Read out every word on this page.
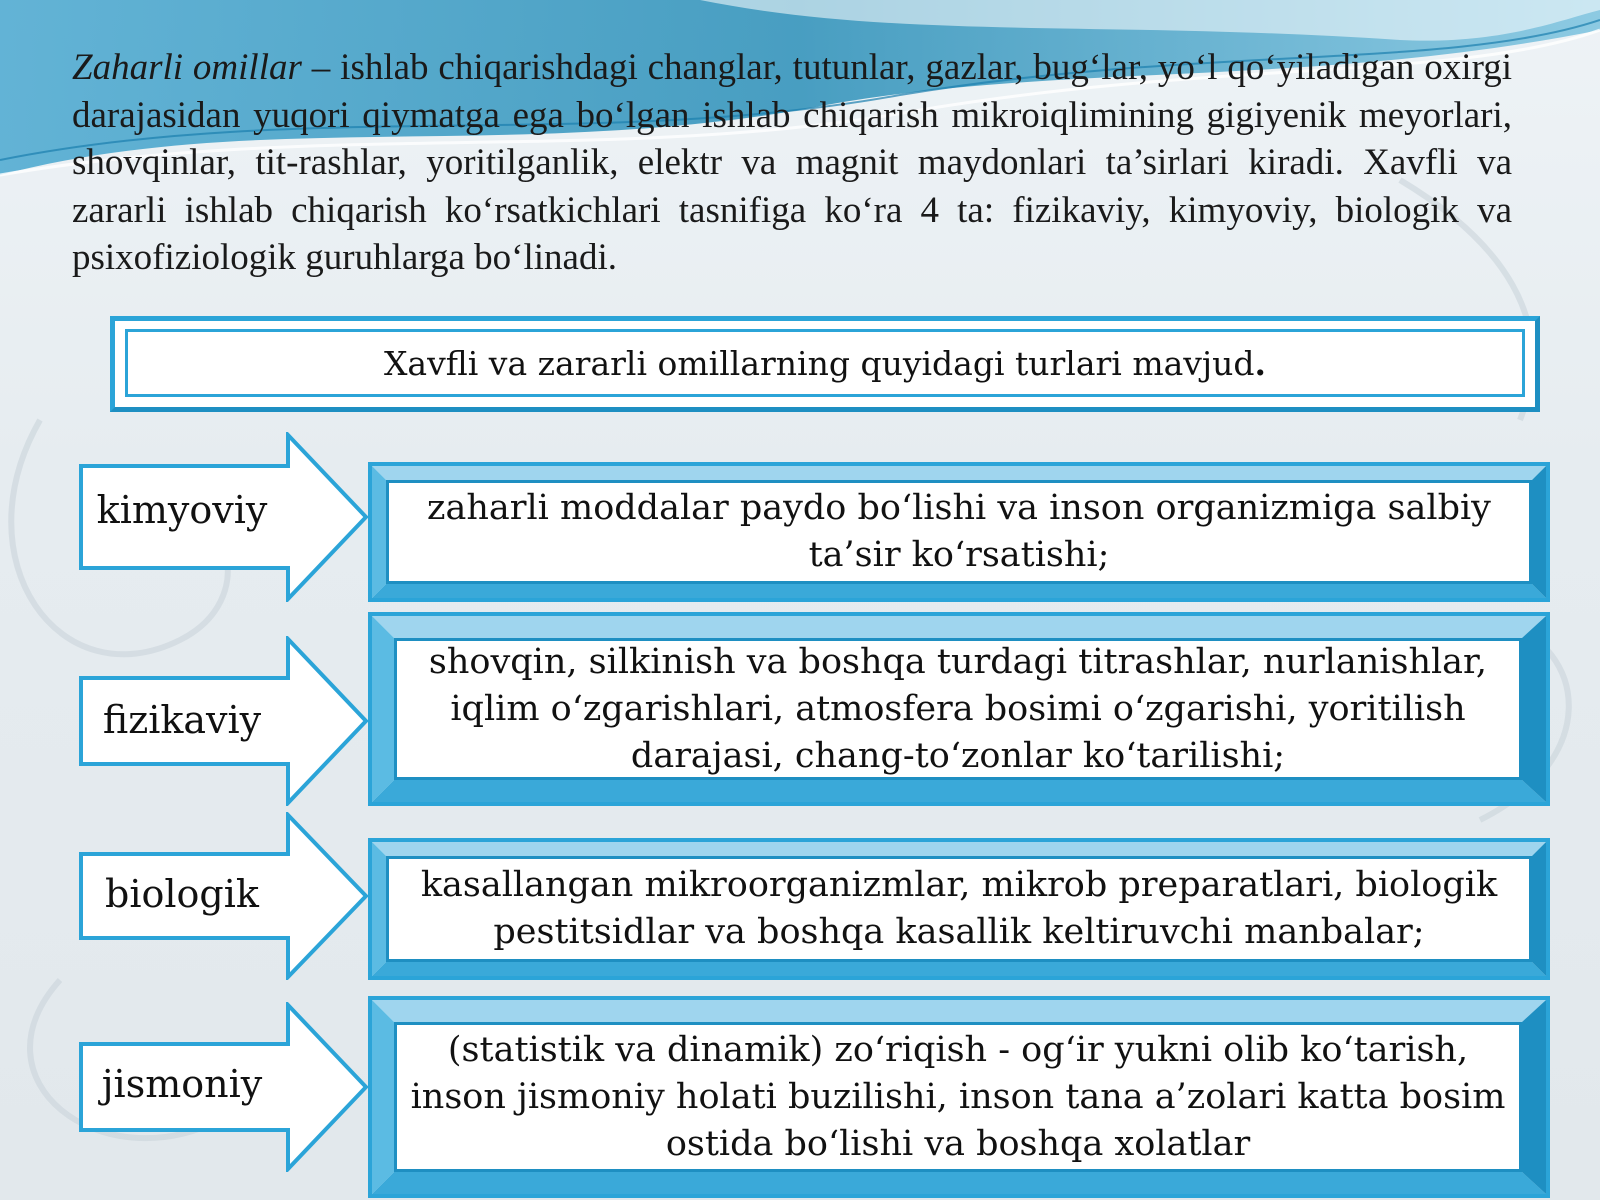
Zaharli omillar – ishlab chiqarishdagi changlar, tutunlar, gazlar, bug‘lar, yo‘l qo‘yiladigan oxirgi darajasidan yuqori qiymatga ega bo‘lgan ishlab chiqarish mikroiqlimining gigiyenik meyorlari, shovqinlar, tit-rashlar, yoritilganlik, elektr va magnit maydonlari ta’sirlari kiradi. Xavfli va zararli ishlab chiqarish ko‘rsatkichlari tasnifiga ko‘ra 4 ta: fizikaviy, kimyoviy, biologik va psixofiziologik guruhlarga bo‘linadi.

Xavfli va zararli omillarning quyidagi turlari mavjud .
kimyoviy	zaharli moddalar paydo bo‘lishi va inson organizmiga salbiy ta’sir ko‘rsatishi;
fizikaviy
shovqin, silkinish va boshqa turdagi titrashlar, nurlanishlar, iqlim o‘zgarishlari, atmosfera bosimi o‘zgarishi, yoritilish darajasi, chang-to‘zonlar ko‘tarilishi;
biologik	kasallangan mikroorganizmlar, mikrob preparatlari, biologik pestitsidlar va boshqa kasallik keltiruvchi manbalar;
jismoniy
(statistik va dinamik) zo‘riqish - og‘ir yukni olib ko‘tarish, inson jismoniy holati buzilishi, inson tana a’zolari katta bosim ostida bo‘lishi va boshqa xolatlar
